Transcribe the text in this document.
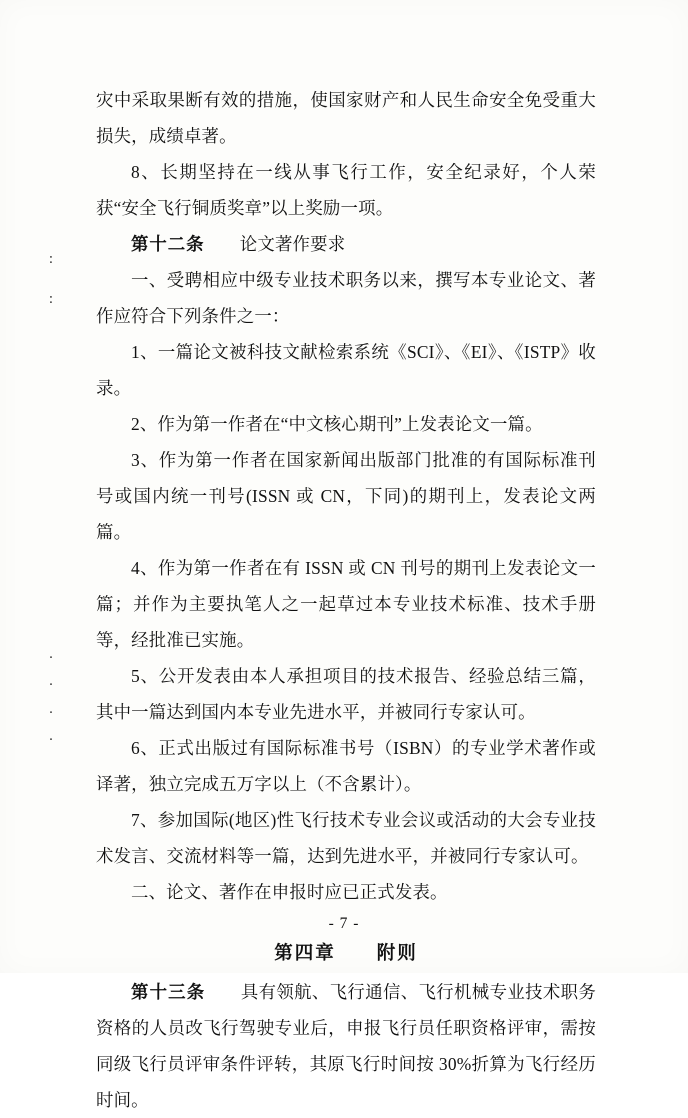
:
:
.
.
.
.

灾中采取果断有效的措施，使国家财产和人民生命安全免受重大损失，成绩卓著。

8、长期坚持在一线从事飞行工作，安全纪录好，个人荣获“安全飞行铜质奖章”以上奖励一项。

第十二条　　论文著作要求

一、受聘相应中级专业技术职务以来，撰写本专业论文、著作应符合下列条件之一：

1、一篇论文被科技文献检索系统《SCI》、《EI》、《ISTP》收录。

2、作为第一作者在“中文核心期刊”上发表论文一篇。

3、作为第一作者在国家新闻出版部门批准的有国际标准刊号或国内统一刊号(ISSN 或 CN，下同)的期刊上，发表论文两篇。

4、作为第一作者在有 ISSN 或 CN 刊号的期刊上发表论文一篇；并作为主要执笔人之一起草过本专业技术标准、技术手册等，经批准已实施。

5、公开发表由本人承担项目的技术报告、经验总结三篇，其中一篇达到国内本专业先进水平，并被同行专家认可。

6、正式出版过有国际标准书号（ISBN）的专业学术著作或译著，独立完成五万字以上（不含累计）。

7、参加国际(地区)性飞行技术专业会议或活动的大会专业技术发言、交流材料等一篇，达到先进水平，并被同行专家认可。

二、论文、著作在申报时应已正式发表。

第四章　　附则

第十三条　　具有领航、飞行通信、飞行机械专业技术职务资格的人员改飞行驾驶专业后，申报飞行员任职资格评审，需按同级飞行员评审条件评转，其原飞行时间按 30%折算为飞行经历时间。

- 7 -
